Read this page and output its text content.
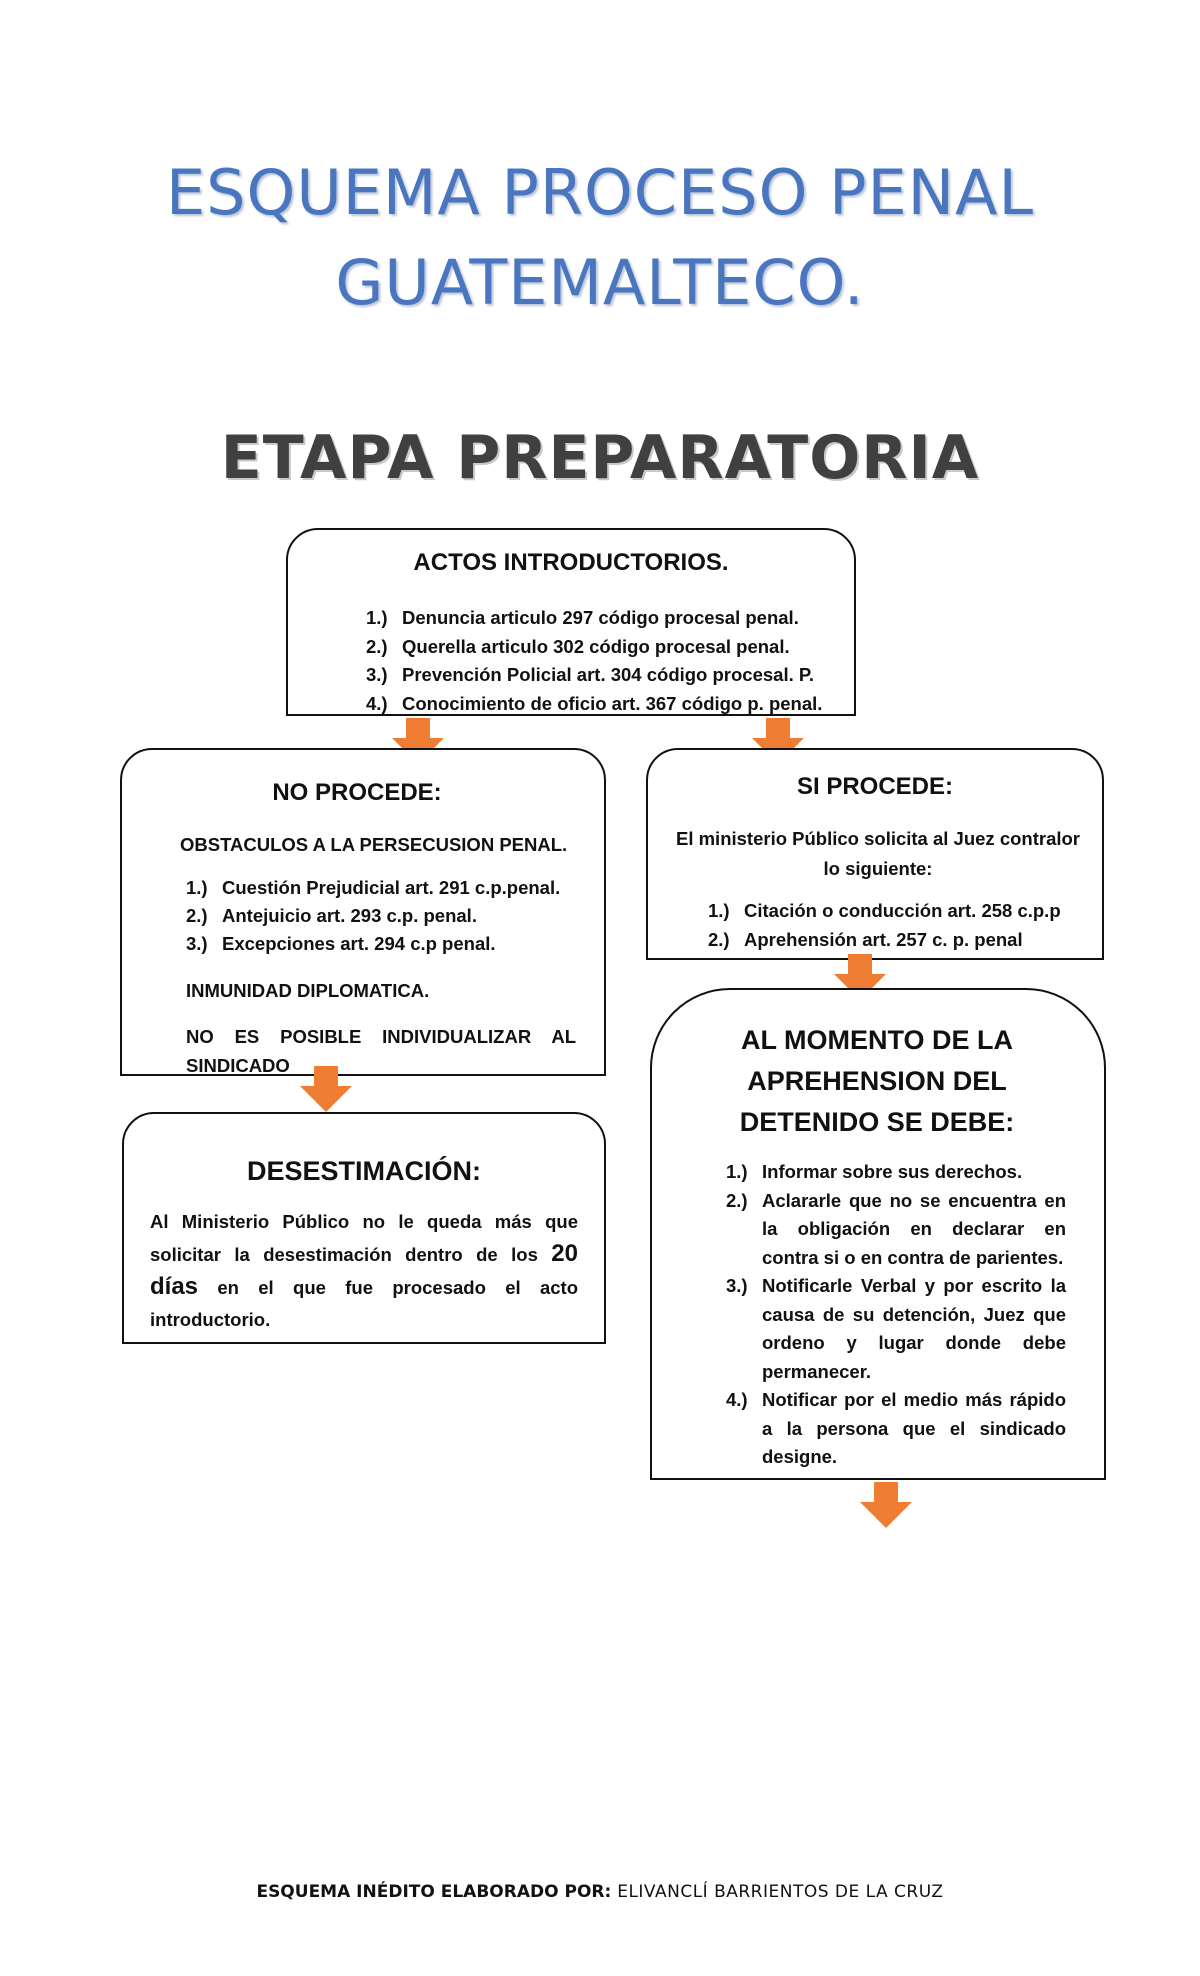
ESQUEMA PROCESO PENAL
GUATEMALTECO.
ETAPA PREPARATORIA
ACTOS INTRODUCTORIOS.
1.) Denuncia articulo 297 código procesal penal.
2.) Querella articulo 302 código procesal penal.
3.) Prevención Policial art. 304 código procesal. P.
4.) Conocimiento de oficio art. 367 código p. penal.
NO PROCEDE:
OBSTACULOS A LA PERSECUSION PENAL.
1.) Cuestión Prejudicial art. 291 c.p.penal.
2.) Antejuicio art. 293 c.p. penal.
3.) Excepciones art. 294 c.p penal.
INMUNIDAD DIPLOMATICA.
NO ES POSIBLE INDIVIDUALIZAR AL SINDICADO
SI PROCEDE:
El ministerio Público solicita al Juez contralor lo siguiente:
1.) Citación o conducción art. 258 c.p.p
2.) Aprehensión art. 257 c. p. penal
DESESTIMACIÓN:
Al Ministerio Público no le queda más que solicitar la desestimación dentro de los 20 días en el que fue procesado el acto introductorio.
AL MOMENTO DE LA APREHENSION DEL DETENIDO SE DEBE:
1.) Informar sobre sus derechos.
2.) Aclararle que no se encuentra en la obligación en declarar en contra si o en contra de parientes.
3.) Notificarle Verbal y por escrito la causa de su detención, Juez que ordeno y lugar donde debe permanecer.
4.) Notificar por el medio más rápido a la persona que el sindicado designe.
ESQUEMA INÉDITO ELABORADO POR: ELIVANCLÍ BARRIENTOS DE LA CRUZ
